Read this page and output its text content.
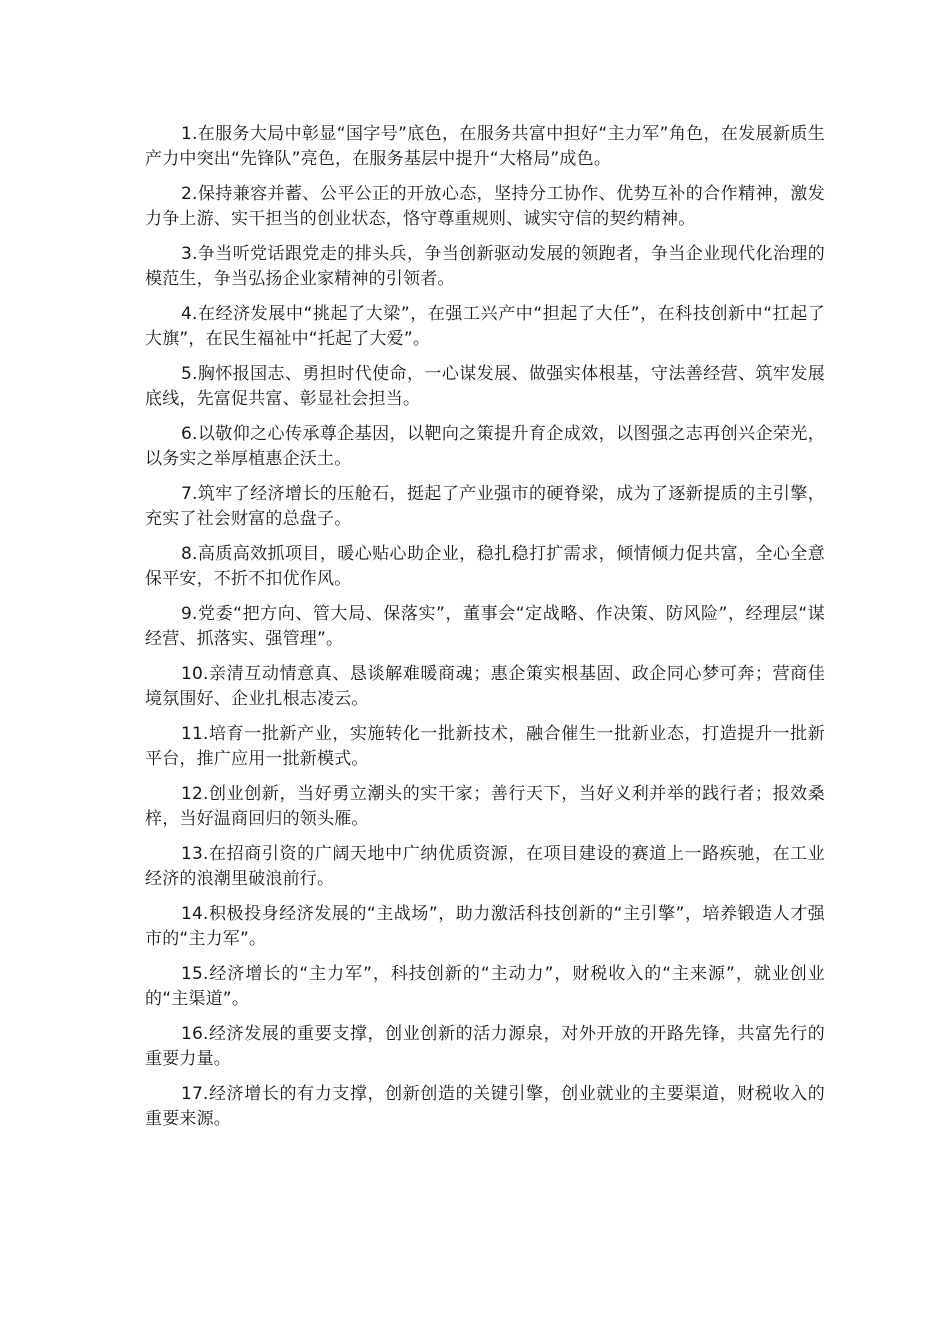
1.在服务大局中彰显“国字号”底色，在服务共富中担好“主力军”角色，在发展新质生产力中突出“先锋队”亮色，在服务基层中提升“大格局”成色。

2.保持兼容并蓄、公平公正的开放心态，坚持分工协作、优势互补的合作精神，激发力争上游、实干担当的创业状态，恪守尊重规则、诚实守信的契约精神。

3.争当听党话跟党走的排头兵，争当创新驱动发展的领跑者，争当企业现代化治理的模范生，争当弘扬企业家精神的引领者。

4.在经济发展中“挑起了大梁”，在强工兴产中“担起了大任”，在科技创新中“扛起了大旗”，在民生福祉中“托起了大爱”。

5.胸怀报国志、勇担时代使命，一心谋发展、做强实体根基，守法善经营、筑牢发展底线，先富促共富、彰显社会担当。

6.以敬仰之心传承尊企基因，以靶向之策提升育企成效，以图强之志再创兴企荣光，以务实之举厚植惠企沃土。

7.筑牢了经济增长的压舱石，挺起了产业强市的硬脊梁，成为了逐新提质的主引擎，充实了社会财富的总盘子。

8.高质高效抓项目，暖心贴心助企业，稳扎稳打扩需求，倾情倾力促共富，全心全意保平安，不折不扣优作风。

9.党委“把方向、管大局、保落实”，董事会“定战略、作决策、防风险”，经理层“谋经营、抓落实、强管理”。

10.亲清互动情意真、恳谈解难暖商魂；惠企策实根基固、政企同心梦可奔；营商佳境氛围好、企业扎根志凌云。

11.培育一批新产业，实施转化一批新技术，融合催生一批新业态，打造提升一批新平台，推广应用一批新模式。

12.创业创新，当好勇立潮头的实干家；善行天下，当好义利并举的践行者；报效桑梓，当好温商回归的领头雁。

13.在招商引资的广阔天地中广纳优质资源，在项目建设的赛道上一路疾驰，在工业经济的浪潮里破浪前行。

14.积极投身经济发展的“主战场”，助力激活科技创新的“主引擎”，培养锻造人才强市的“主力军”。

15.经济增长的“主力军”，科技创新的“主动力”，财税收入的“主来源”，就业创业的“主渠道”。

16.经济发展的重要支撑，创业创新的活力源泉，对外开放的开路先锋，共富先行的重要力量。

17.经济增长的有力支撑，创新创造的关键引擎，创业就业的主要渠道，财税收入的重要来源。
